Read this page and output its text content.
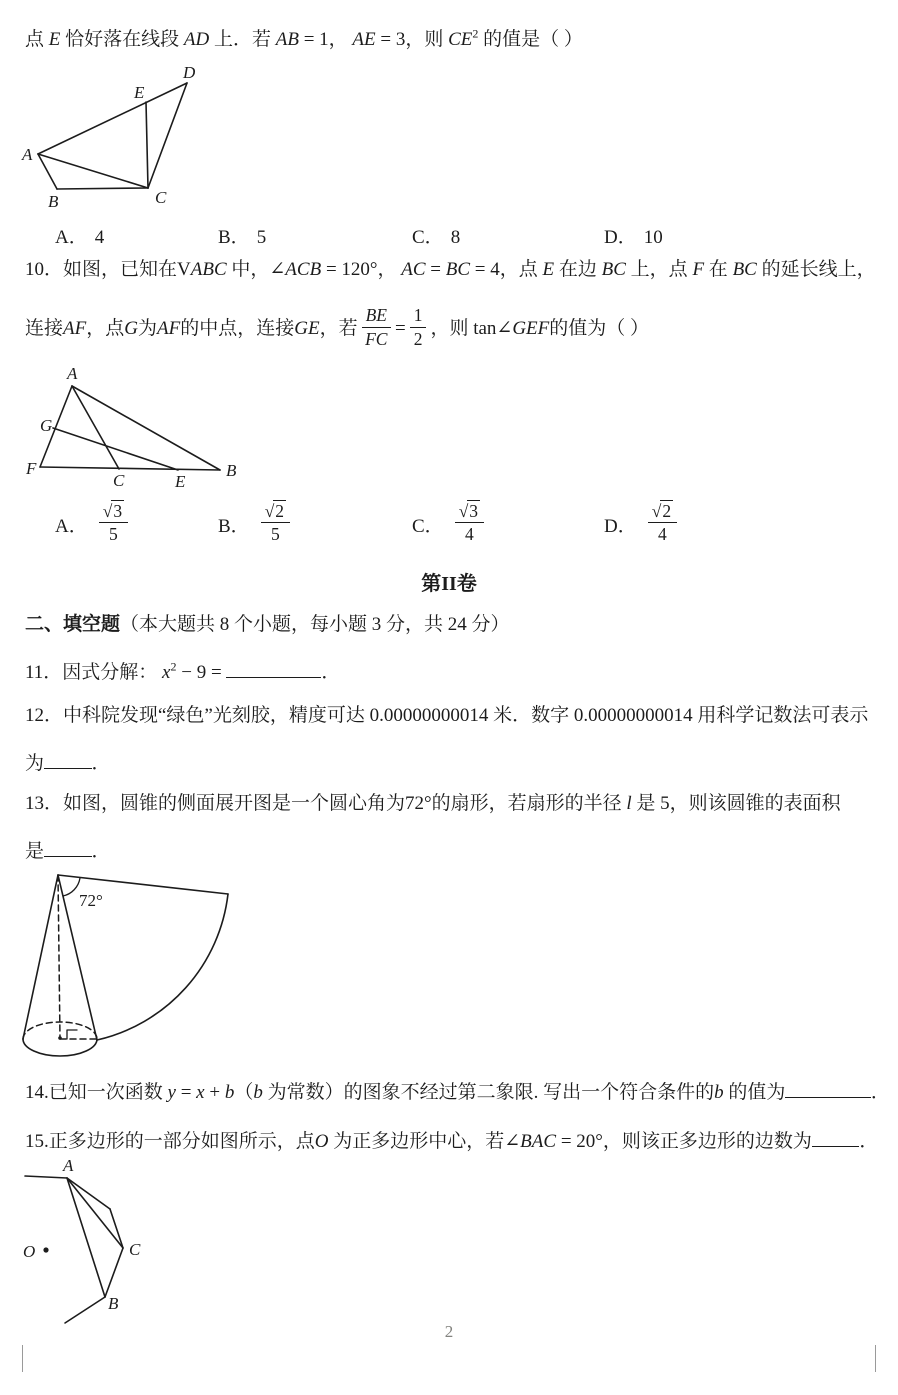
点 E 恰好落在线段 AD 上．若 AB = 1， AE = 3，则 $CE^2$ 的值是（ ）
A
B	C
D
E
A． 4	B． 5	C． 8	D． 10
10．如图，已知在VABC 中，∠ACB = 120°， AC = BC = 4，点 E 在边 BC 上，点 F 在 BC 的延长线上，
连接 AF ，点 G 为 AF 的中点，连接 GE ，若 $\frac{BE}{FC} = \frac{1}{2}$ ，则 tan∠ GEF 的值为（ ）
A
G
F
C	E
B
A． $\frac{√ 3}{5}$	B． $\frac{√ 2}{5}$	C． $\frac{√ 3}{4}$	D． $\frac{√ 2}{4}$
第II卷
二、填空题（本大题共 8 个小题，每小题 3 分，共 24 分）
11．因式分解： $x^2 - 9$ =	．
12．中科院发现“绿色”光刻胶，精度可达 0.00000000014 米．数字 0.00000000014 用科学记数法可表示
为	．
13．如图，圆锥的侧面展开图是一个圆心角为72°的扇形，若扇形的半径 l 是 5，则该圆锥的表面积
是	．
72°
14.已知一次函数 y = x + b（b 为常数）的图象不经过第二象限. 写出一个符合条件的b 的值为	．
15.正多边形的一部分如图所示，点O 为正多边形中心，若∠BAC = 20°，则该正多边形的边数为	．
A
O	C
B
2
